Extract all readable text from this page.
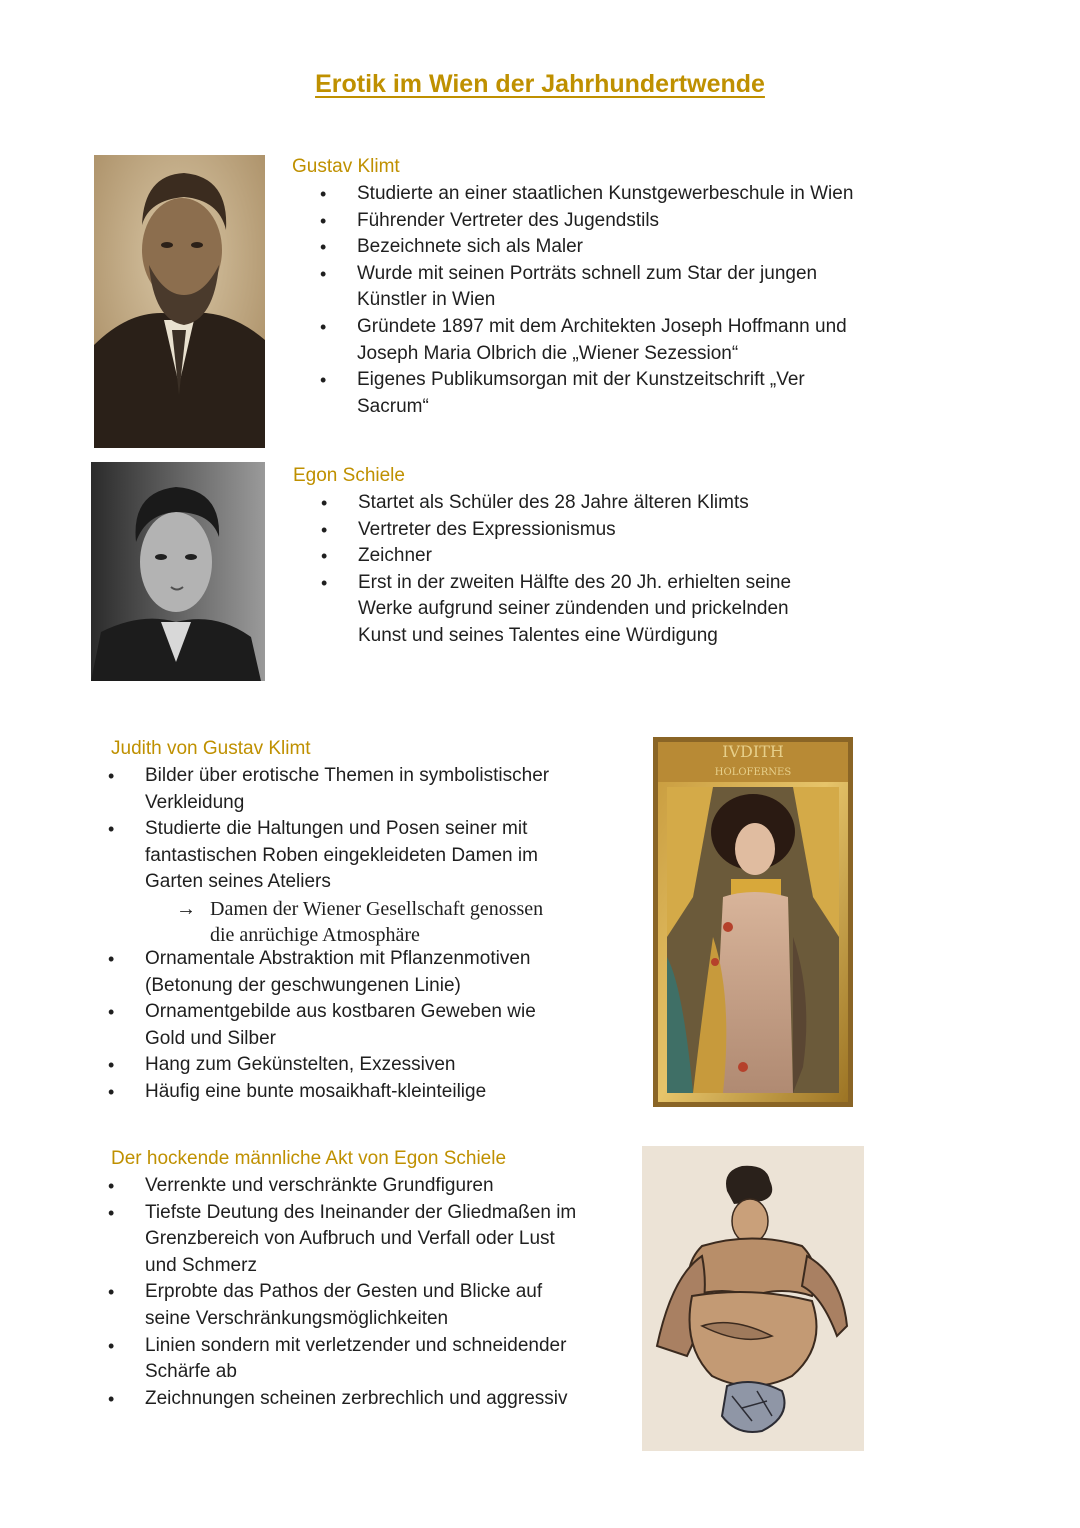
Erotik im Wien der Jahrhundertwende
Gustav Klimt
• Studierte an einer staatlichen Kunstgewerbeschule in Wien
• Führender Vertreter des Jugendstils
• Bezeichnete sich als Maler
• Wurde mit seinen Porträts schnell zum Star der jungen Künstler in Wien
• Gründete 1897 mit dem Architekten Joseph Hoffmann und Joseph Maria Olbrich die „Wiener Sezession“
• Eigenes Publikumsorgan mit der Kunstzeitschrift „Ver Sacrum“
Egon Schiele
• Startet als Schüler des 28 Jahre älteren Klimts
• Vertreter des Expressionismus
• Zeichner
• Erst in der zweiten Hälfte des 20 Jh. erhielten seine Werke aufgrund seiner zündenden und prickelnden Kunst und seines Talentes eine Würdigung
Judith von Gustav Klimt
• Bilder über erotische Themen in symbolistischer Verkleidung
• Studierte die Haltungen und Posen seiner mit fantastischen Roben eingekleideten Damen im Garten seines Ateliers
→ Damen der Wiener Gesellschaft genossen die anrüchige Atmosphäre
• Ornamentale Abstraktion mit Pflanzenmotiven (Betonung der geschwungenen Linie)
• Ornamentgebilde aus kostbaren Geweben wie Gold und Silber
• Hang zum Gekünstelten, Exzessiven
• Häufig eine bunte mosaikhaft-kleinteilige
IVDITH
HOLOFERNES
Der hockende männliche Akt von Egon Schiele
• Verrenkte und verschränkte Grundfiguren
• Tiefste Deutung des Ineinander der Gliedmaßen im Grenzbereich von Aufbruch und Verfall oder Lust und Schmerz
• Erprobte das Pathos der Gesten und Blicke auf seine Verschränkungsmöglichkeiten
• Linien sondern mit verletzender und schneidender Schärfe ab
• Zeichnungen scheinen zerbrechlich und aggressiv
